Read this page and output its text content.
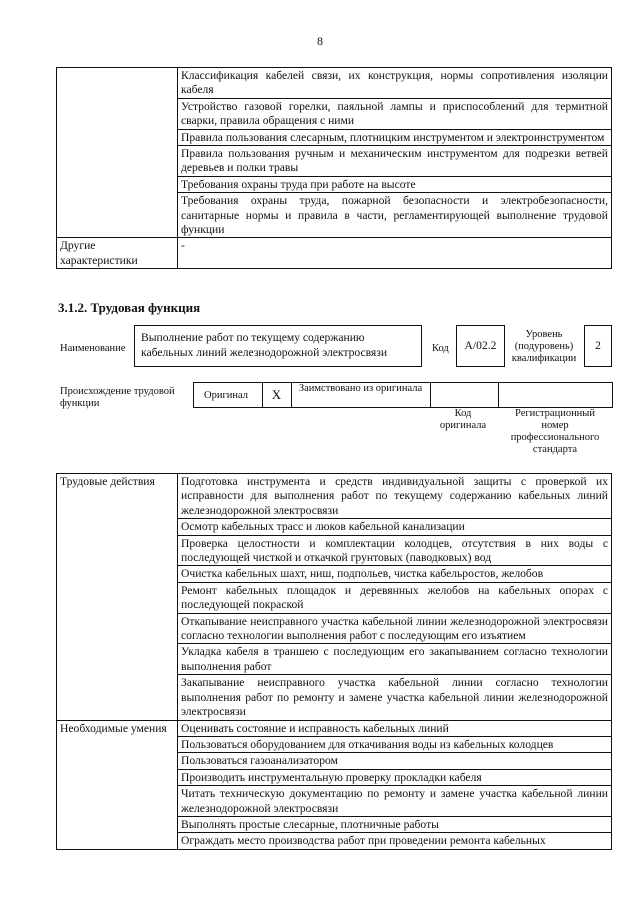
8
	Классификация кабелей связи, их конструкция, нормы сопротивления изоляции кабеля
	Устройство газовой горелки, паяльной лампы и приспособлений для термитной сварки, правила обращения с ними
	Правила пользования слесарным, плотницким инструментом и электроинструментом
	Правила пользования ручным и механическим инструментом для подрезки ветвей деревьев и полки травы
	Требования охраны труда при работе на высоте
	Требования охраны труда, пожарной безопасности и электробезопасности, санитарные нормы и правила в части, регламентирующей выполнение трудовой функции
Другие характеристики	-
3.1.2. Трудовая функция
Наименование
Выполнение работ по текущему содержанию кабельных линий железнодорожной электросвязи	Код	А/02.2
Уровень (подуровень) квалификации
2
Происхождение трудовой функции
Оригинал	X	Заимствовано из оригинала
Код оригинала
Регистрационный номер профессионального стандарта
Трудовые действия	Подготовка инструмента и средств индивидуальной защиты с проверкой их исправности для выполнения работ по текущему содержанию кабельных линий железнодорожной электросвязи
	Осмотр кабельных трасс и люков кабельной канализации
	Проверка целостности и комплектации колодцев, отсутствия в них воды с последующей чисткой и откачкой грунтовых (паводковых) вод
	Очистка кабельных шахт, ниш, подпольев, чистка кабельростов, желобов
	Ремонт кабельных площадок и деревянных желобов на кабельных опорах с последующей покраской
	Откапывание неисправного участка кабельной линии железнодорожной электросвязи согласно технологии выполнения работ с последующим его изъятием
	Укладка кабеля в траншею с последующим его закапыванием согласно технологии выполнения работ
	Закапывание неисправного участка кабельной линии согласно технологии выполнения работ по ремонту и замене участка кабельной линии железнодорожной электросвязи
Необходимые умения	Оценивать состояние и исправность кабельных линий
	Пользоваться оборудованием для откачивания воды из кабельных колодцев
	Пользоваться газоанализатором
	Производить инструментальную проверку прокладки кабеля
	Читать техническую документацию по ремонту и замене участка кабельной линии железнодорожной электросвязи
	Выполнять простые слесарные, плотничные работы
	Ограждать место производства работ при проведении ремонта кабельных
